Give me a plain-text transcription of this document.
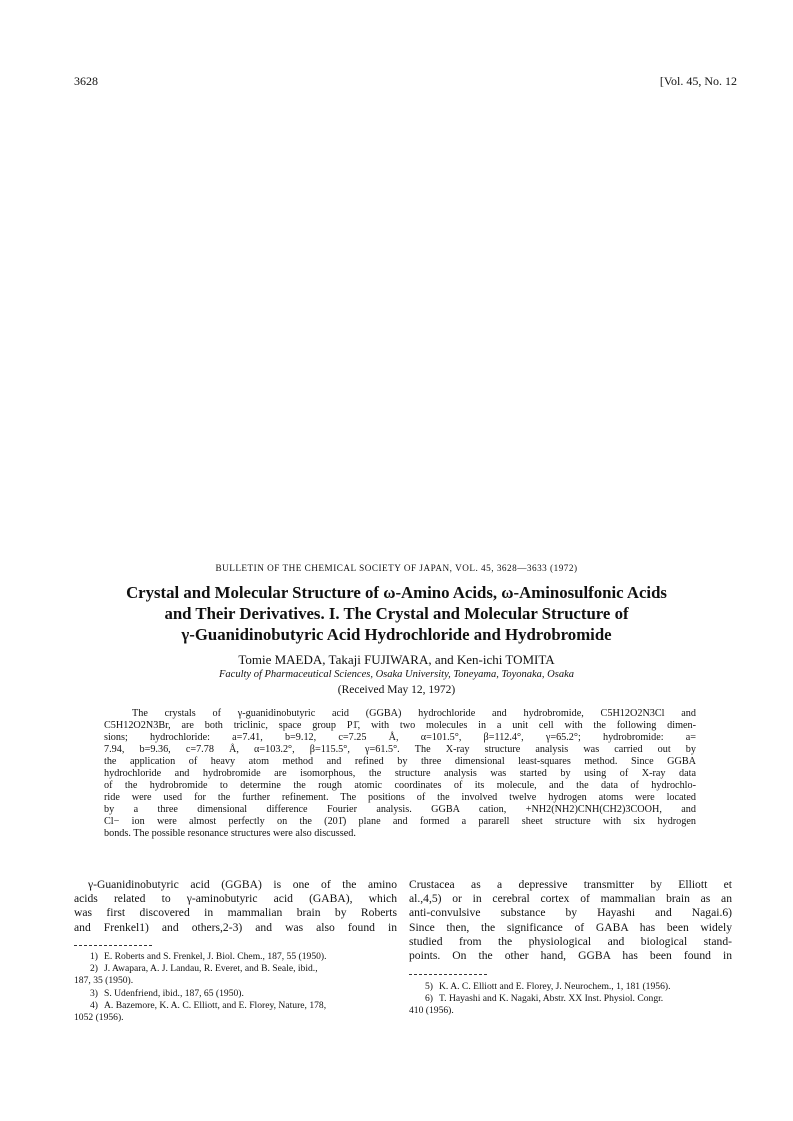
3628	[Vol. 45, No. 12
BULLETIN OF THE CHEMICAL SOCIETY OF JAPAN, VOL. 45, 3628—3633 (1972)
Crystal and Molecular Structure of ω-Amino Acids, ω-Aminosulfonic Acids
and Their Derivatives. I. The Crystal and Molecular Structure of
γ-Guanidinobutyric Acid Hydrochloride and Hydrobromide
Tomie MAEDA, Takaji FUJIWARA, and Ken-ichi TOMITA
Faculty of Pharmaceutical Sciences, Osaka University, Toneyama, Toyonaka, Osaka
(Received May 12, 1972)
The crystals of γ-guanidinobutyric acid (GGBA) hydrochloride and hydrobromide, C5H12O2N3Cl and
C5H12O2N3Br, are both triclinic, space group P1̄, with two molecules in a unit cell with the following dimen-
sions; hydrochloride: a=7.41, b=9.12, c=7.25 Å, α=101.5°, β=112.4°, γ=65.2°; hydrobromide: a=
7.94, b=9.36, c=7.78 Å, α=103.2°, β=115.5°, γ=61.5°. The X-ray structure analysis was carried out by
the application of heavy atom method and refined by three dimensional least-squares method. Since GGBA
hydrochloride and hydrobromide are isomorphous, the structure analysis was started by using of X-ray data
of the hydrobromide to determine the rough atomic coordinates of its molecule, and the data of hydrochlo-
ride were used for the further refinement. The positions of the involved twelve hydrogen atoms were located
by a three dimensional difference Fourier analysis. GGBA cation, +NH2(NH2)CNH(CH2)3COOH, and
Cl− ion were almost perfectly on the (201̄) plane and formed a pararell sheet structure with six hydrogen
bonds. The possible resonance structures were also discussed.
γ-Guanidinobutyric acid (GGBA) is one of the amino
acids related to γ-aminobutyric acid (GABA), which
was first discovered in mammalian brain by Roberts
and Frenkel1) and others,2-3) and was also found in
Crustacea as a depressive transmitter by Elliott et
al.,4,5) or in cerebral cortex of mammalian brain as an
anti-convulsive substance by Hayashi and Nagai.6)
Since then, the significance of GABA has been widely
studied from the physiological and biological stand-
points. On the other hand, GGBA has been found in
1) E. Roberts and S. Frenkel, J. Biol. Chem., 187, 55 (1950).
2) J. Awapara, A. J. Landau, R. Everet, and B. Seale, ibid.,
187, 35 (1950).
3) S. Udenfriend, ibid., 187, 65 (1950).
4) A. Bazemore, K. A. C. Elliott, and E. Florey, Nature, 178,
1052 (1956).
5) K. A. C. Elliott and E. Florey, J. Neurochem., 1, 181 (1956).
6) T. Hayashi and K. Nagaki, Abstr. XX Inst. Physiol. Congr.
410 (1956).
